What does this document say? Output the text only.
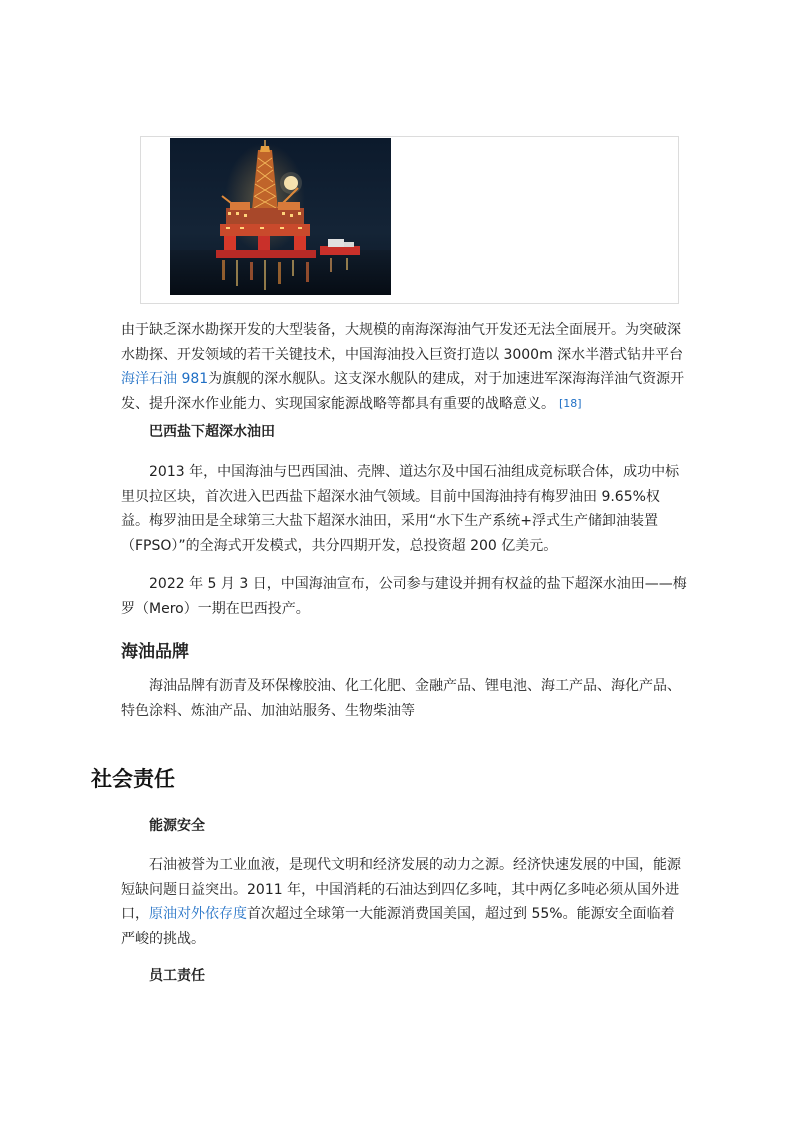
由于缺乏深水勘探开发的大型装备，大规模的南海深海油气开发还无法全面展开。为突破深水勘探、开发领域的若干关键技术，中国海油投入巨资打造以 3000m 深水半潜式钻井平台海洋石油 981为旗舰的深水舰队。这支深水舰队的建成，对于加速进军深海海洋油气资源开发、提升深水作业能力、实现国家能源战略等都具有重要的战略意义。 [18]

巴西盐下超深水油田

2013 年，中国海油与巴西国油、壳牌、道达尔及中国石油组成竞标联合体，成功中标里贝拉区块，首次进入巴西盐下超深水油气领域。目前中国海油持有梅罗油田 9.65%权益。梅罗油田是全球第三大盐下超深水油田，采用“水下生产系统+浮式生产储卸油装置（FPSO）”的全海式开发模式，共分四期开发，总投资超 200 亿美元。

2022 年 5 月 3 日，中国海油宣布，公司参与建设并拥有权益的盐下超深水油田——梅罗（Mero）一期在巴西投产。

海油品牌

海油品牌有沥青及环保橡胶油、化工化肥、金融产品、锂电池、海工产品、海化产品、特色涂料、炼油产品、加油站服务、生物柴油等

社会责任
能源安全

石油被誉为工业血液，是现代文明和经济发展的动力之源。经济快速发展的中国，能源短缺问题日益突出。2011 年，中国消耗的石油达到四亿多吨，其中两亿多吨必须从国外进口，原油对外依存度首次超过全球第一大能源消费国美国，超过到 55%。能源安全面临着严峻的挑战。

员工责任
